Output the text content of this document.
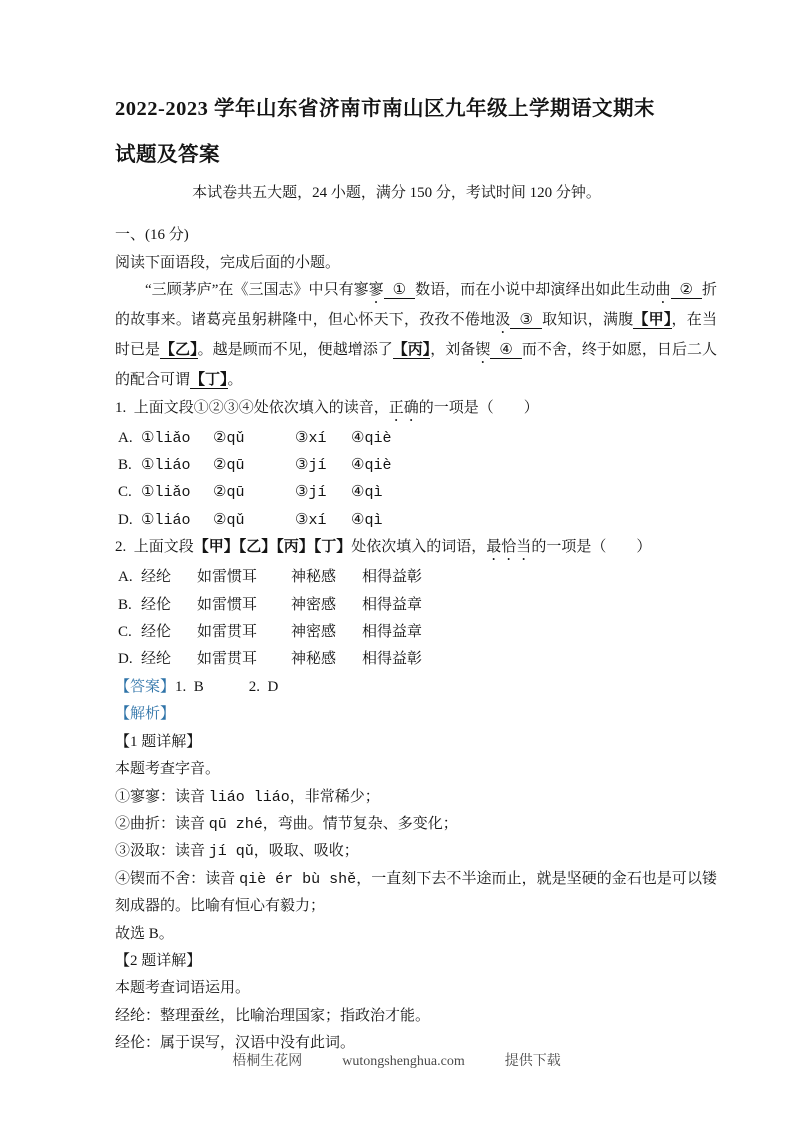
2022-2023 学年山东省济南市南山区九年级上学期语文期末
试题及答案

本试卷共五大题，24 小题，满分 150 分，考试时间 120 分钟。

一、(16 分)

阅读下面语段，完成后面的小题。

“三顾茅庐”在《三国志》中只有寥寥 ① 数语，而在小说中却演绎出如此生动曲 ② 折的故事来。诸葛亮虽躬耕隆中，但心怀天下，孜孜不倦地汲 ③ 取知识，满腹【甲】，在当时已是【乙】。越是顾而不见，便越增添了【丙】，刘备锲 ④ 而不舍，终于如愿，日后二人的配合可谓【丁】。

1.  上面文段①②③④处依次填入的读音，正确的一项是（　　）

A. ①liǎo ②qǔ	③xí ④qiè

B. ①liáo ②qū	③jí ④qiè

C. ①liǎo ②qū	③jí ④qì

D. ①liáo ②qǔ	③xí ④qì

2.  上面文段【甲】【乙】【丙】【丁】处依次填入的词语，最恰当的一项是（　　）

A. 经纶 如雷惯耳 神秘感 相得益彰

B. 经伦 如雷惯耳 神密感 相得益章

C. 经伦 如雷贯耳 神密感 相得益章

D. 经纶 如雷贯耳 神秘感 相得益彰

【答案】1.  B	2.  D

【解析】

【1 题详解】

本题考查字音。

①寥寥：读音 liáo liáo，非常稀少；

②曲折：读音 qū zhé，弯曲。情节复杂、多变化；

③汲取：读音 jí qǔ，吸取、吸收；

④锲而不舍：读音 qiè ér bù shě，一直刻下去不半途而止，就是坚硬的金石也是可以镂刻成器的。比喻有恒心有毅力；

故选 B。

【2 题详解】

本题考查词语运用。

经纶：整理蚕丝，比喻治理国家；指政治才能。

经伦：属于误写，汉语中没有此词。

梧桐生花网	wutongshenghua.com	提供下载
